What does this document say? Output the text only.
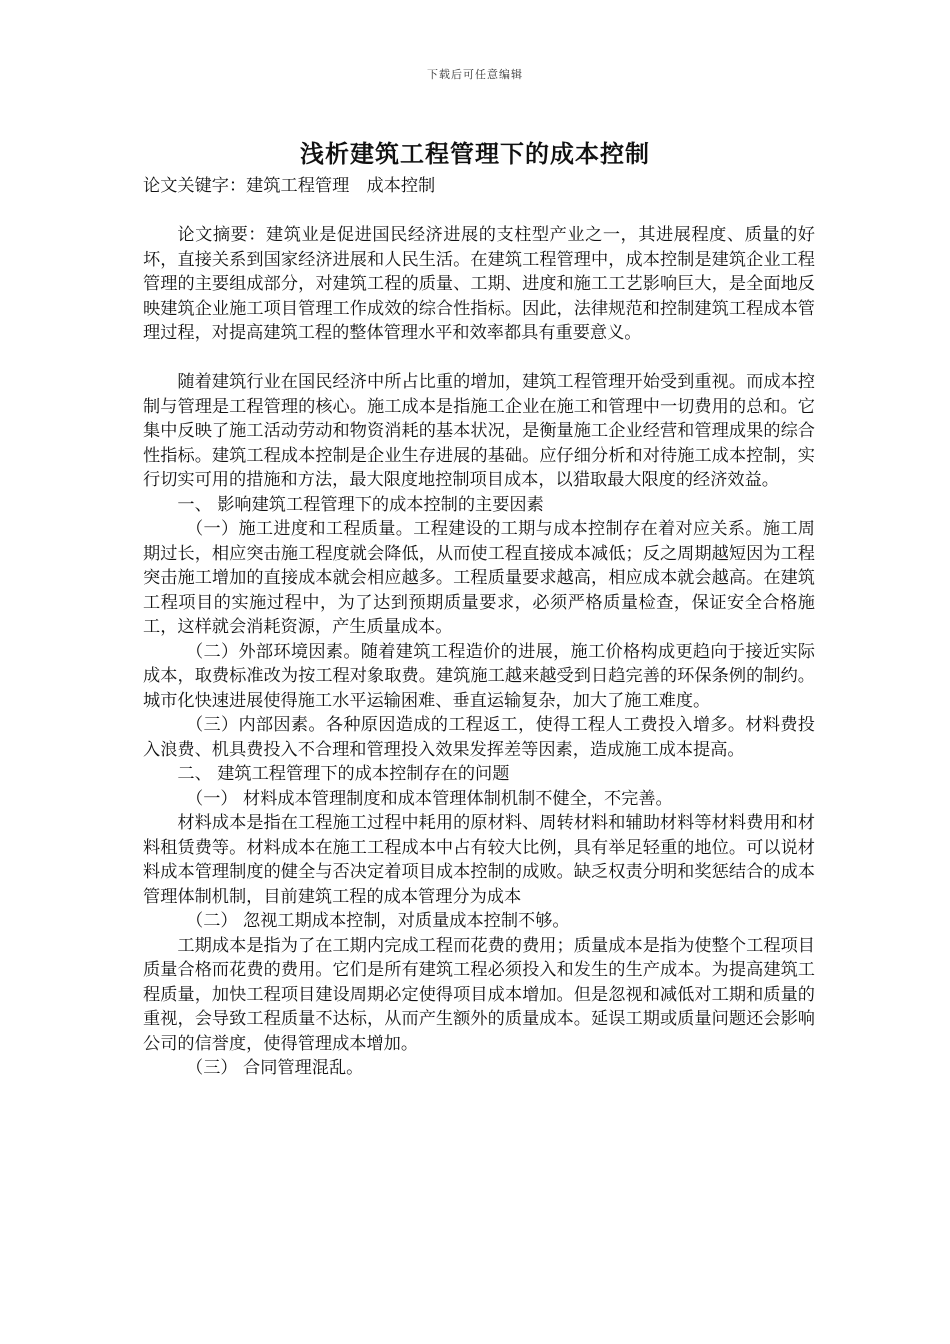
下载后可任意编辑
浅析建筑工程管理下的成本控制
论文关键字：建筑工程管理　成本控制

论文摘要：建筑业是促进国民经济进展的支柱型产业之一，其进展程度、质量的好坏，直接关系到国家经济进展和人民生活。在建筑工程管理中，成本控制是建筑企业工程管理的主要组成部分，对建筑工程的质量、工期、进度和施工工艺影响巨大，是全面地反映建筑企业施工项目管理工作成效的综合性指标。因此，法律规范和控制建筑工程成本管理过程，对提高建筑工程的整体管理水平和效率都具有重要意义。

随着建筑行业在国民经济中所占比重的增加，建筑工程管理开始受到重视。而成本控制与管理是工程管理的核心。施工成本是指施工企业在施工和管理中一切费用的总和。它集中反映了施工活动劳动和物资消耗的基本状况，是衡量施工企业经营和管理成果的综合性指标。建筑工程成本控制是企业生存进展的基础。应仔细分析和对待施工成本控制，实行切实可用的措施和方法，最大限度地控制项目成本，以猎取最大限度的经济效益。

一、 影响建筑工程管理下的成本控制的主要因素

（一）施工进度和工程质量。工程建设的工期与成本控制存在着对应关系。施工周期过长，相应突击施工程度就会降低，从而使工程直接成本减低；反之周期越短因为工程突击施工增加的直接成本就会相应越多。工程质量要求越高，相应成本就会越高。在建筑工程项目的实施过程中，为了达到预期质量要求，必须严格质量检查，保证安全合格施工，这样就会消耗资源，产生质量成本。

（二）外部环境因素。随着建筑工程造价的进展，施工价格构成更趋向于接近实际成本，取费标准改为按工程对象取费。建筑施工越来越受到日趋完善的环保条例的制约。城市化快速进展使得施工水平运输困难、垂直运输复杂，加大了施工难度。

（三）内部因素。各种原因造成的工程返工，使得工程人工费投入增多。材料费投入浪费、机具费投入不合理和管理投入效果发挥差等因素，造成施工成本提高。

二、 建筑工程管理下的成本控制存在的问题

（一） 材料成本管理制度和成本管理体制机制不健全，不完善。

材料成本是指在工程施工过程中耗用的原材料、周转材料和辅助材料等材料费用和材料租赁费等。材料成本在施工工程成本中占有较大比例，具有举足轻重的地位。可以说材料成本管理制度的健全与否决定着项目成本控制的成败。缺乏权责分明和奖惩结合的成本管理体制机制，目前建筑工程的成本管理分为成本

（二） 忽视工期成本控制，对质量成本控制不够。

工期成本是指为了在工期内完成工程而花费的费用；质量成本是指为使整个工程项目质量合格而花费的费用。它们是所有建筑工程必须投入和发生的生产成本。为提高建筑工程质量，加快工程项目建设周期必定使得项目成本增加。但是忽视和减低对工期和质量的重视，会导致工程质量不达标，从而产生额外的质量成本。延误工期或质量问题还会影响公司的信誉度，使得管理成本增加。

（三） 合同管理混乱。
